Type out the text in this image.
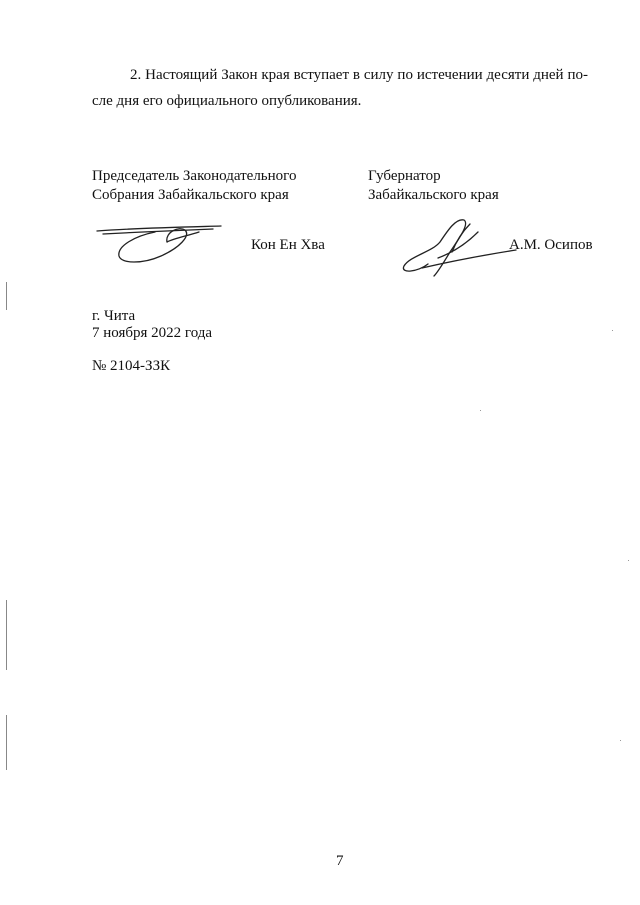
2. Настоящий Закон края вступает в силу по истечении десяти дней по-
сле дня его официального опубликования.
Председатель Законодательного
Собрания Забайкальского края
Кон Ен Хва
Губернатор
Забайкальского края
А.М. Осипов
г. Чита
7 ноября 2022 года
№ 2104-ЗЗК
7
